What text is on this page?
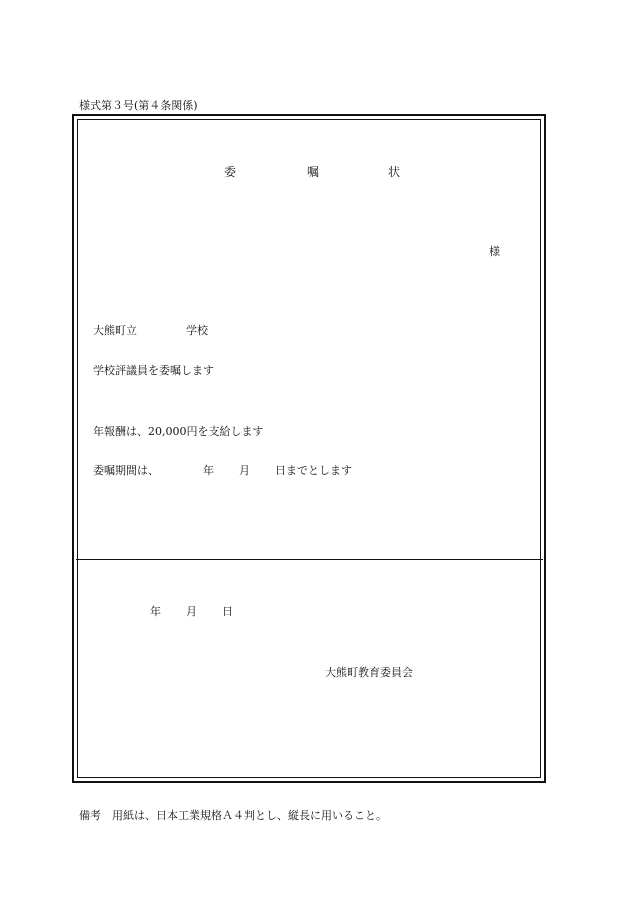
様式第３号(第４条関係)
委	嘱	状
様
大熊町立	学校
学校評議員を委嘱します
年報酬は、20,000円を支給します
委嘱期間は、	年 月 日までとします
年 月 日
大熊町教育委員会
備考　用紙は、日本工業規格Ａ４判とし、縦長に用いること。
